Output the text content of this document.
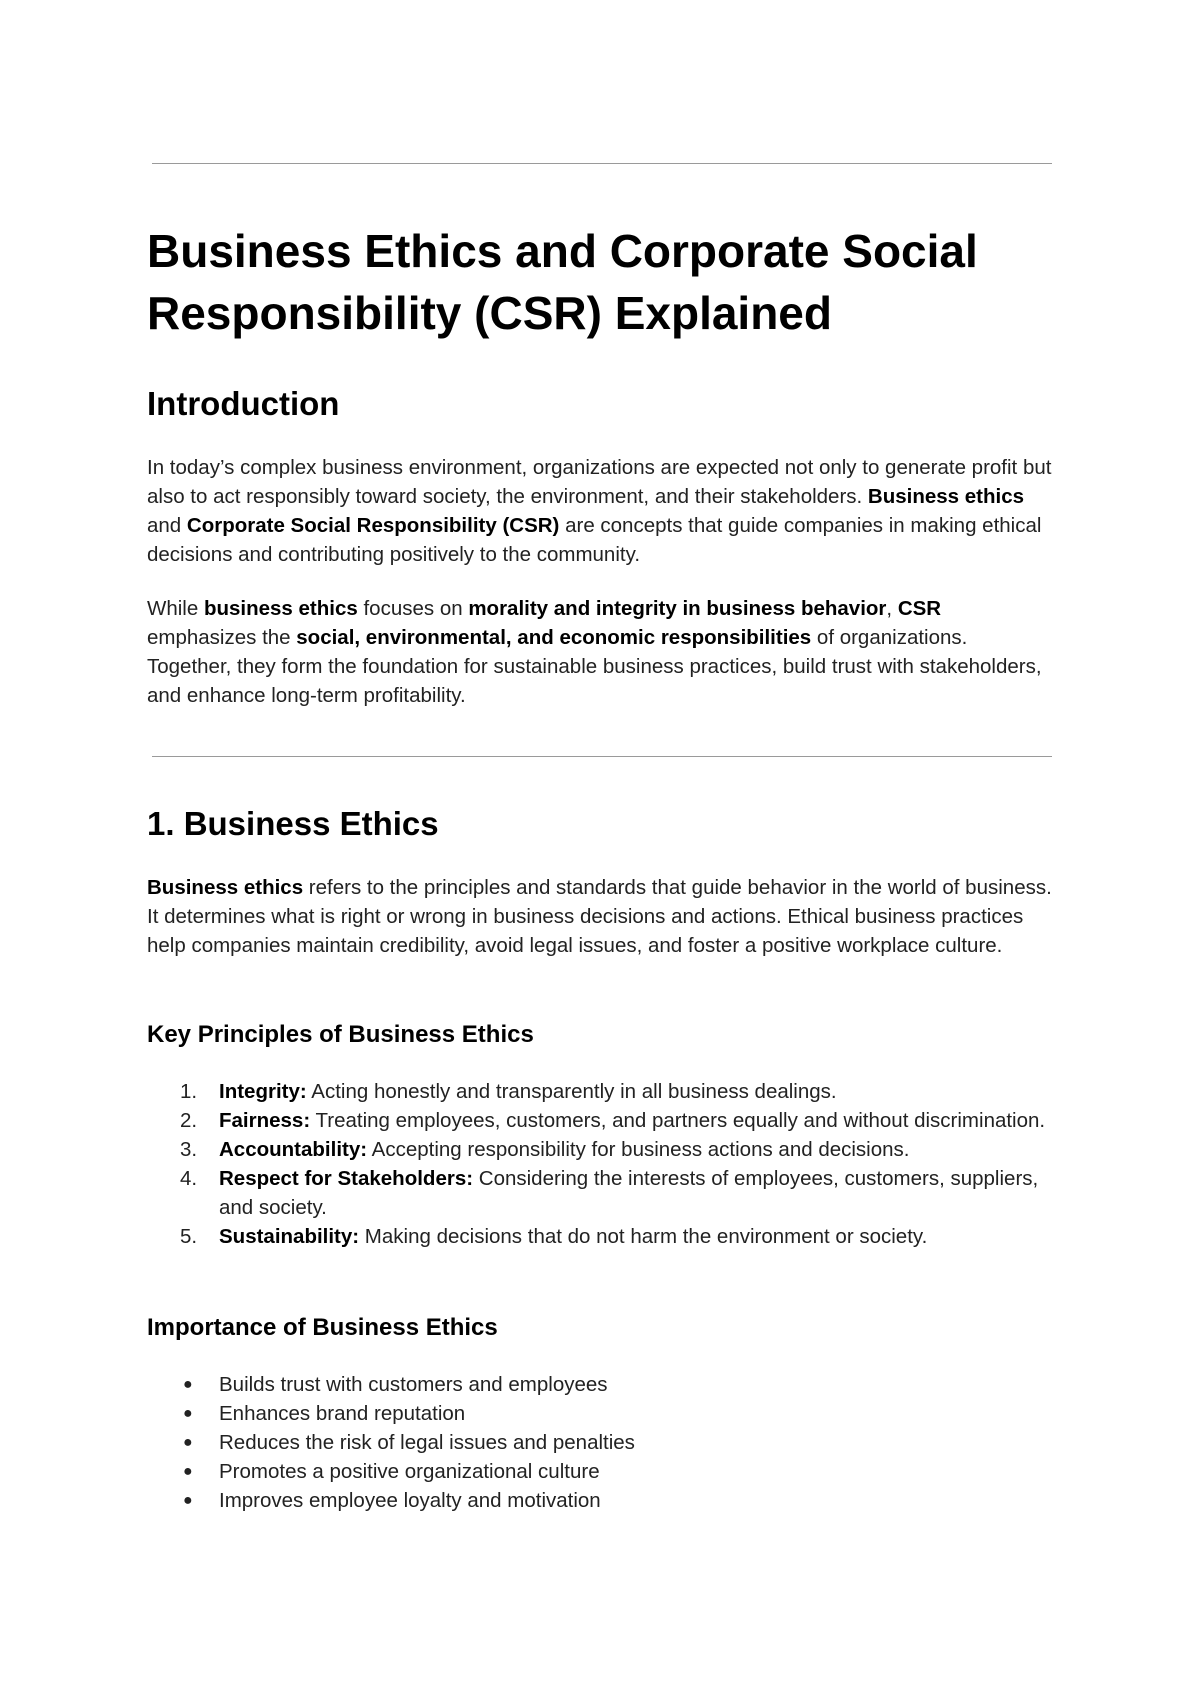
Business Ethics and Corporate Social Responsibility (CSR) Explained
Introduction

In today’s complex business environment, organizations are expected not only to generate profit but also to act responsibly toward society, the environment, and their stakeholders. Business ethics and Corporate Social Responsibility (CSR) are concepts that guide companies in making ethical decisions and contributing positively to the community.

While business ethics focuses on morality and integrity in business behavior, CSR emphasizes the social, environmental, and economic responsibilities of organizations. Together, they form the foundation for sustainable business practices, build trust with stakeholders, and enhance long-term profitability.

1. Business Ethics

Business ethics refers to the principles and standards that guide behavior in the world of business. It determines what is right or wrong in business decisions and actions. Ethical business practices help companies maintain credibility, avoid legal issues, and foster a positive workplace culture.

Key Principles of Business Ethics
1.	Integrity: Acting honestly and transparently in all business dealings.
2.	Fairness: Treating employees, customers, and partners equally and without discrimination.
3.	Accountability: Accepting responsibility for business actions and decisions.
4.	Respect for Stakeholders: Considering the interests of employees, customers, suppliers, and society.
5.	Sustainability: Making decisions that do not harm the environment or society.
Importance of Business Ethics
●	Builds trust with customers and employees
●	Enhances brand reputation
●	Reduces the risk of legal issues and penalties
●	Promotes a positive organizational culture
●	Improves employee loyalty and motivation
